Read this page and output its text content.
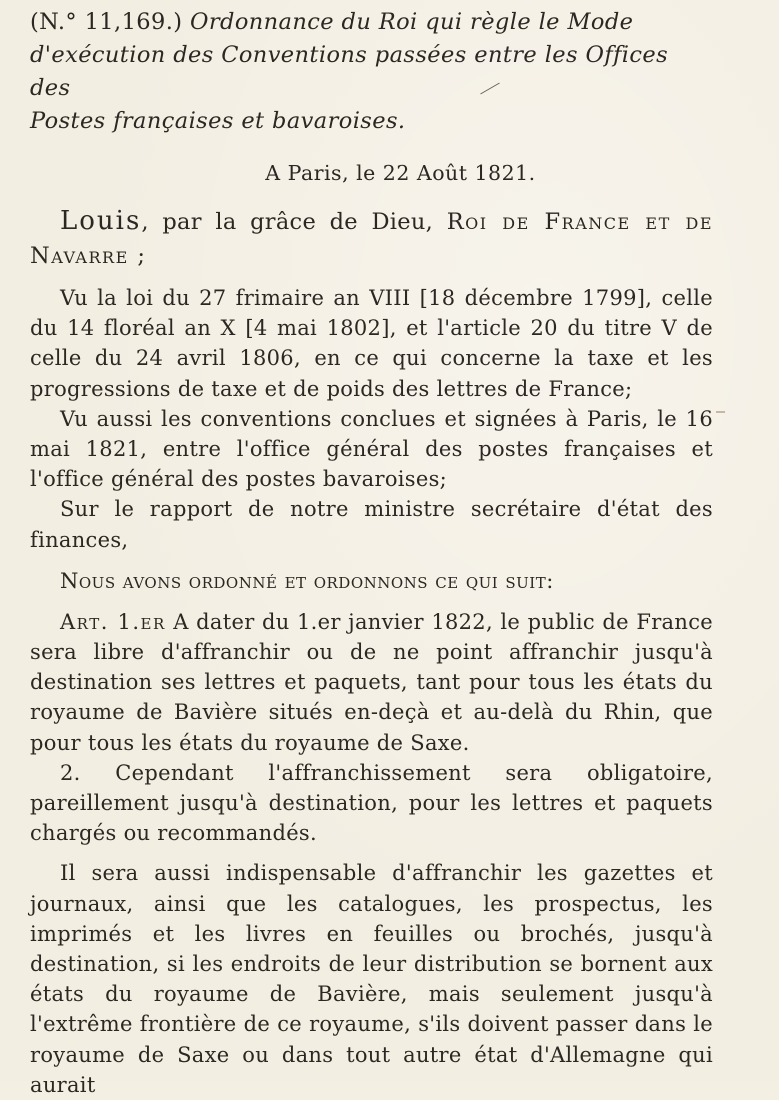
(N.° 11,169.) Ordonnance du Roi qui règle le Mode
d'exécution des Conventions passées entre les Offices des
Postes françaises et bavaroises.
A Paris, le 22 Août 1821.
Louis, par la grâce de Dieu, Roi de France et de Navarre ;

Vu la loi du 27 frimaire an VIII [18 décembre 1799], celle du 14 floréal an X [4 mai 1802], et l'article 20 du titre V de celle du 24 avril 1806, en ce qui concerne la taxe et les progressions de taxe et de poids des lettres de France;

Vu aussi les conventions conclues et signées à Paris, le 16 mai 1821, entre l'office général des postes françaises et l'office général des postes bavaroises;

Sur le rapport de notre ministre secrétaire d'état des finances,

Nous avons ordonné et ordonnons ce qui suit:

Art. 1.er A dater du 1.er janvier 1822, le public de France sera libre d'affranchir ou de ne point affranchir jusqu'à destination ses lettres et paquets, tant pour tous les états du royaume de Bavière situés en-deçà et au-delà du Rhin, que pour tous les états du royaume de Saxe.

2. Cependant l'affranchissement sera obligatoire, pareillement jusqu'à destination, pour les lettres et paquets chargés ou recommandés.

Il sera aussi indispensable d'affranchir les gazettes et journaux, ainsi que les catalogues, les prospectus, les imprimés et les livres en feuilles ou brochés, jusqu'à destination, si les endroits de leur distribution se bornent aux états du royaume de Bavière, mais seulement jusqu'à l'extrême frontière de ce royaume, s'ils doivent passer dans le royaume de Saxe ou dans tout autre état d'Allemagne qui aurait
